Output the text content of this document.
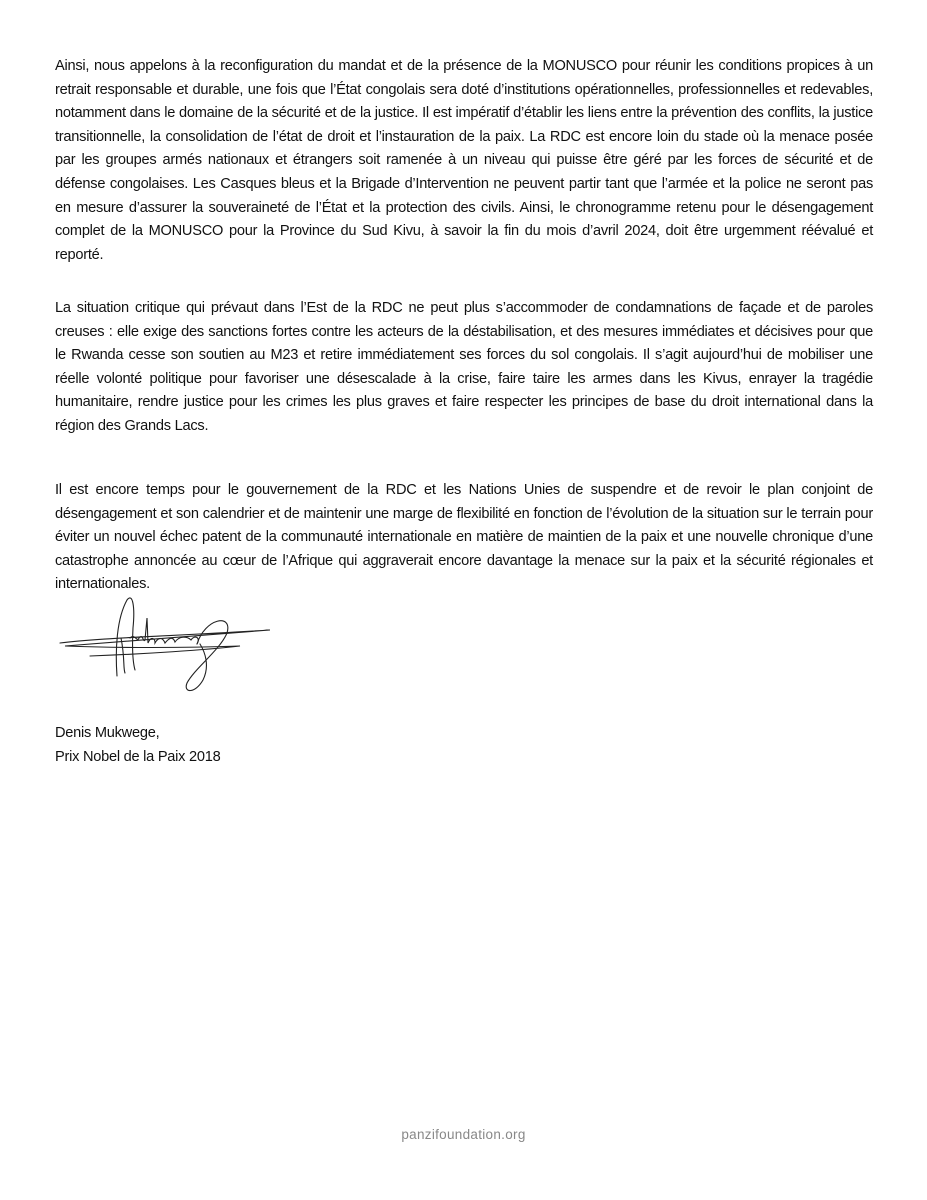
Ainsi, nous appelons à la reconfiguration du mandat et de la présence de la MONUSCO pour réunir les conditions propices à un retrait responsable et durable, une fois que l’État congolais sera doté d’institutions opérationnelles, professionnelles et redevables, notamment dans le domaine de la sécurité et de la justice. Il est impératif d’établir les liens entre la prévention des conflits, la justice transitionnelle, la consolidation de l’état de droit et l’instauration de la paix. La RDC est encore loin du stade où la menace posée par les groupes armés nationaux et étrangers soit ramenée à un niveau qui puisse être géré par les forces de sécurité et de défense congolaises. Les Casques bleus et la Brigade d’Intervention ne peuvent partir tant que l’armée et la police ne seront pas en mesure d’assurer la souveraineté de l’État et la protection des civils. Ainsi, le chronogramme retenu pour le désengagement complet de la MONUSCO pour la Province du Sud Kivu, à savoir la fin du mois d’avril 2024, doit être urgemment réévalué et reporté.

La situation critique qui prévaut dans l’Est de la RDC ne peut plus s’accommoder de condamnations de façade et de paroles creuses : elle exige des sanctions fortes contre les acteurs de la déstabilisation, et des mesures immédiates et décisives pour que le Rwanda cesse son soutien au M23 et retire immédiatement ses forces du sol congolais. Il s’agit aujourd’hui de mobiliser une réelle volonté politique pour favoriser une désescalade à la crise, faire taire les armes dans les Kivus, enrayer la tragédie humanitaire, rendre justice pour les crimes les plus graves et faire respecter les principes de base du droit international dans la région des Grands Lacs.

Il est encore temps pour le gouvernement de la RDC et les Nations Unies de suspendre et de revoir le plan conjoint de désengagement et son calendrier et de maintenir une marge de flexibilité en fonction de l’évolution de la situation sur le terrain pour éviter un nouvel échec patent de la communauté internationale en matière de maintien de la paix et une nouvelle chronique d’une catastrophe annoncée au cœur de l’Afrique qui aggraverait encore davantage la menace sur la paix et la sécurité régionales et internationales.

Denis Mukwege,
Prix Nobel de la Paix 2018
panzifoundation.org
